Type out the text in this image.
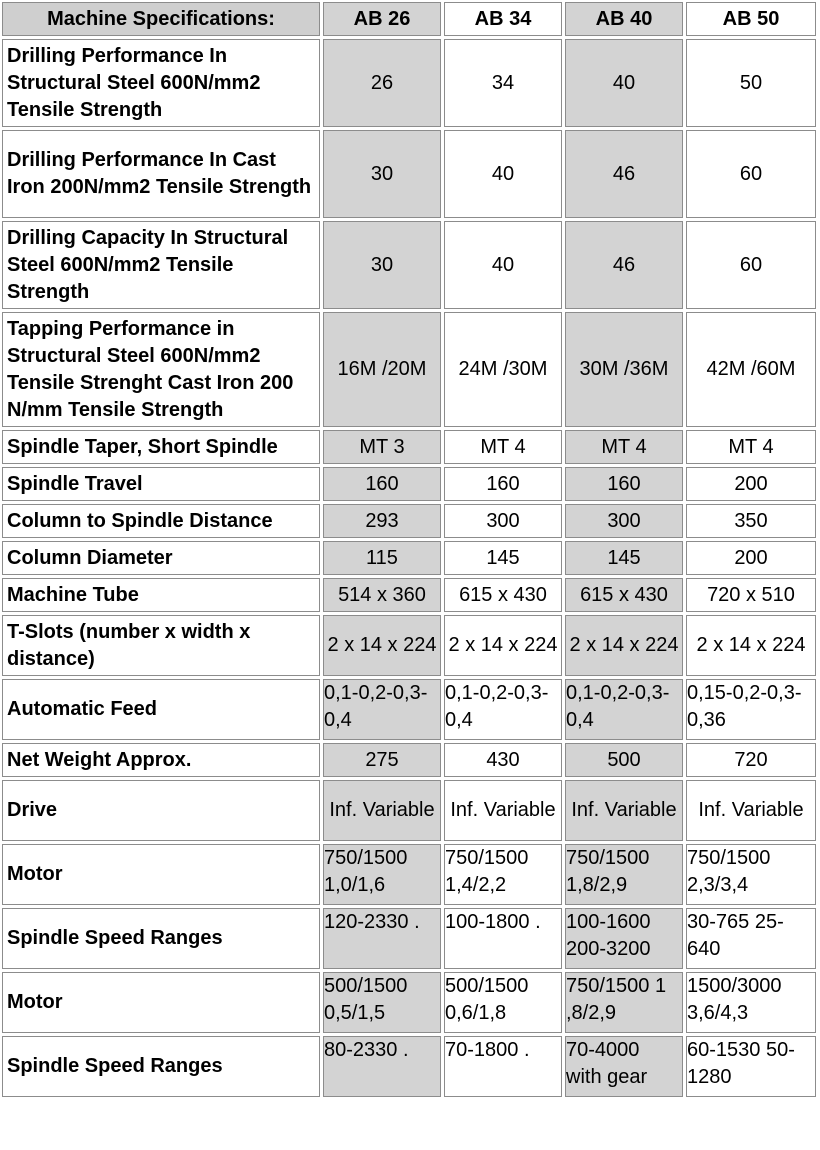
Machine Specifications:	AB 26	AB 34	AB 40	AB 50
Drilling Performance In Structural Steel 600N/mm2 Tensile Strength	26	34	40	50
Drilling Performance In Cast Iron 200N/mm2 Tensile Strength	30	40	46	60
Drilling Capacity In Structural Steel 600N/mm2 Tensile Strength	30	40	46	60
Tapping Performance in Structural Steel 600N/mm2 Tensile Strenght Cast Iron 200 N/mm Tensile Strength	16M /20M	24M /30M	30M /36M	42M /60M
Spindle Taper, Short Spindle	MT 3	MT 4	MT 4	MT 4
Spindle Travel	160	160	160	200
Column to Spindle Distance	293	300	300	350
Column Diameter	115	145	145	200
Machine Tube	514 x 360	615 x 430	615 x 430	720 x 510
T-Slots (number x width x distance)	2 x 14 x 224	2 x 14 x 224	2 x 14 x 224	2 x 14 x 224
Automatic Feed	0,1-0,2-0,3-0,4	0,1-0,2-0,3-0,4	0,1-0,2-0,3-0,4	0,15-0,2-0,3-0,36
Net Weight Approx.	275	430	500	720
Drive	Inf. Variable	Inf. Variable	Inf. Variable	Inf. Variable
Motor	750/1500 1,0/1,6	750/1500 1,4/2,2	750/1500 1,8/2,9	750/1500 2,3/3,4
Spindle Speed Ranges	120-2330 .	100-1800 .	100-1600 200-3200	30-765 25-640
Motor	500/1500 0,5/1,5	500/1500 0,6/1,8	750/1500 1 ,8/2,9	1500/3000 3,6/4,3
Spindle Speed Ranges	80-2330 .	70-1800 .	70-4000 with gear	60-1530 50-1280
